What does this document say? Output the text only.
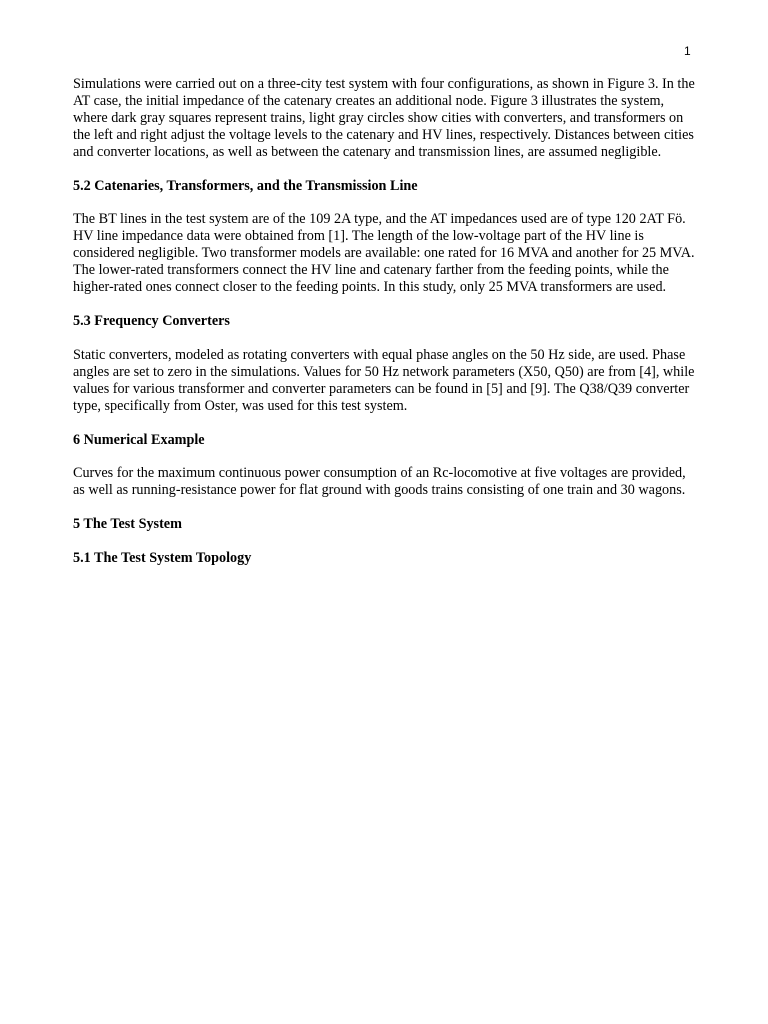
1

Simulations were carried out on a three-city test system with four configurations, as shown in Figure 3. In the AT case, the initial impedance of the catenary creates an additional node. Figure 3 illustrates the system, where dark gray squares represent trains, light gray circles show cities with converters, and transformers on the left and right adjust the voltage levels to the catenary and HV lines, respectively. Distances between cities and converter locations, as well as between the catenary and transmission lines, are assumed negligible.

5.2 Catenaries, Transformers, and the Transmission Line

The BT lines in the test system are of the 109 2A type, and the AT impedances used are of type 120 2AT Fö. HV line impedance data were obtained from [1]. The length of the low-voltage part of the HV line is considered negligible. Two transformer models are available: one rated for 16 MVA and another for 25 MVA. The lower-rated transformers connect the HV line and catenary farther from the feeding points, while the higher-rated ones connect closer to the feeding points. In this study, only 25 MVA transformers are used.

5.3 Frequency Converters

Static converters, modeled as rotating converters with equal phase angles on the 50 Hz side, are used. Phase angles are set to zero in the simulations. Values for 50 Hz network parameters (X50, Q50) are from [4], while values for various transformer and converter parameters can be found in [5] and [9]. The Q38/Q39 converter type, specifically from Oster, was used for this test system.

6 Numerical Example

Curves for the maximum continuous power consumption of an Rc-locomotive at five voltages are provided, as well as running-resistance power for flat ground with goods trains consisting of one train and 30 wagons.

5 The Test System

5.1 The Test System Topology
